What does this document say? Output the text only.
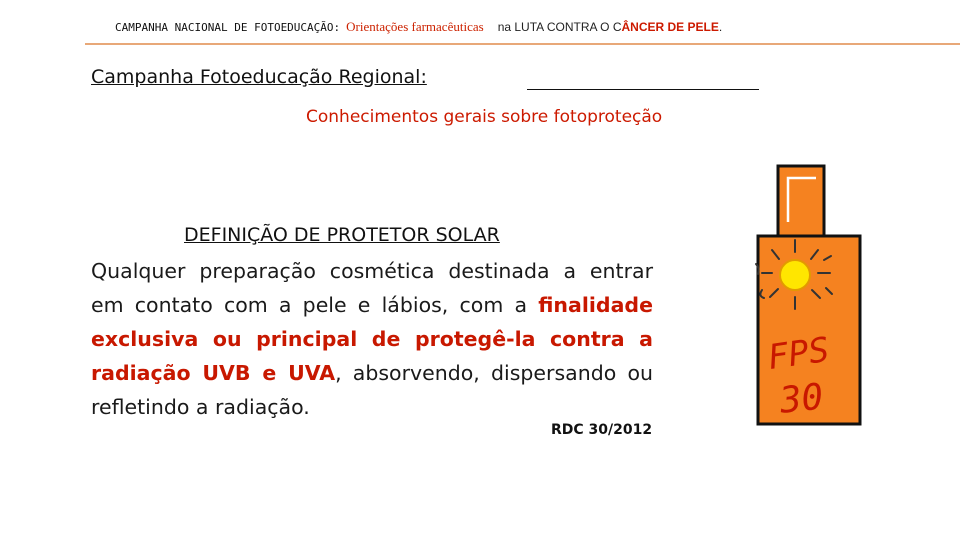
CAMPANHA NACIONAL DE FOTOEDUCAÇÃO: Orientações farmacêuticas na LUTA CONTRA O CÂNCER DE PELE.
Campanha Fotoeducação Regional:
Conhecimentos gerais sobre fotoproteção
DEFINIÇÃO DE PROTETOR SOLAR
Qualquer preparação cosmética destinada a entrar em contato com a pele e lábios, com a finalidade exclusiva ou principal de protegê-la contra a radiação UVB e UVA, absorvendo, dispersando ou refletindo a radiação.
RDC 30/2012
FPS
30
